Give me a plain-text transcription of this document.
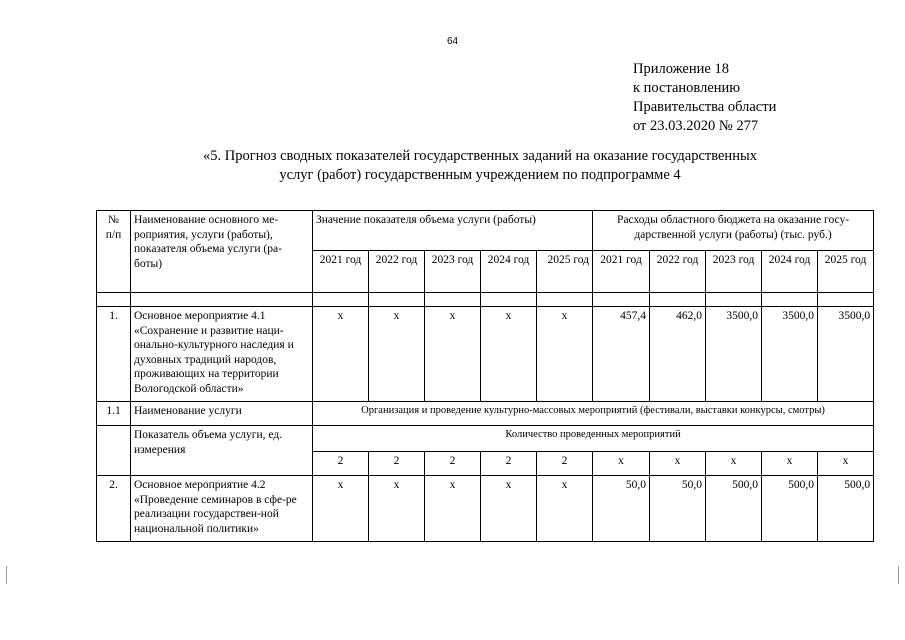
64
Приложение 18
к постановлению
Правительства области
от 23.03.2020 № 277
«5. Прогноз сводных показателей государственных заданий на оказание государственных
услуг (работ) государственным учреждением по подпрограмме 4
№
п/п	Наименование основного ме-роприятия, услуги (работы), показателя объема услуги (ра-боты)	Значение показателя объема услуги (работы)					Расходы областного бюджета на оказание госу-дарственной услуги (работы) (тыс. руб.)				
		2021 год	2022 год	2023 год	2024 год	2025 год	2021 год	2022 год	2023 год	2024 год	2025 год

1.	Основное мероприятие 4.1 «Сохранение и развитие наци-онально-культурного наследия и духовных традиций народов, проживающих на территории Вологодской области»	х	х	х	х	х	457,4	462,0	3500,0	3500,0	3500,0
1.1	Наименование услуги	Организация и проведение культурно-массовых мероприятий (фестивали, выставки конкурсы, смотры)									
	Показатель объема услуги, ед. измерения	Количество проведенных мероприятий									
		2	2	2	2	2	х	х	х	х	х
2.	Основное мероприятие 4.2 «Проведение семинаров в сфе-ре реализации государствен-ной национальной политики»	х	х	х	х	х	50,0	50,0	500,0	500,0	500,0
